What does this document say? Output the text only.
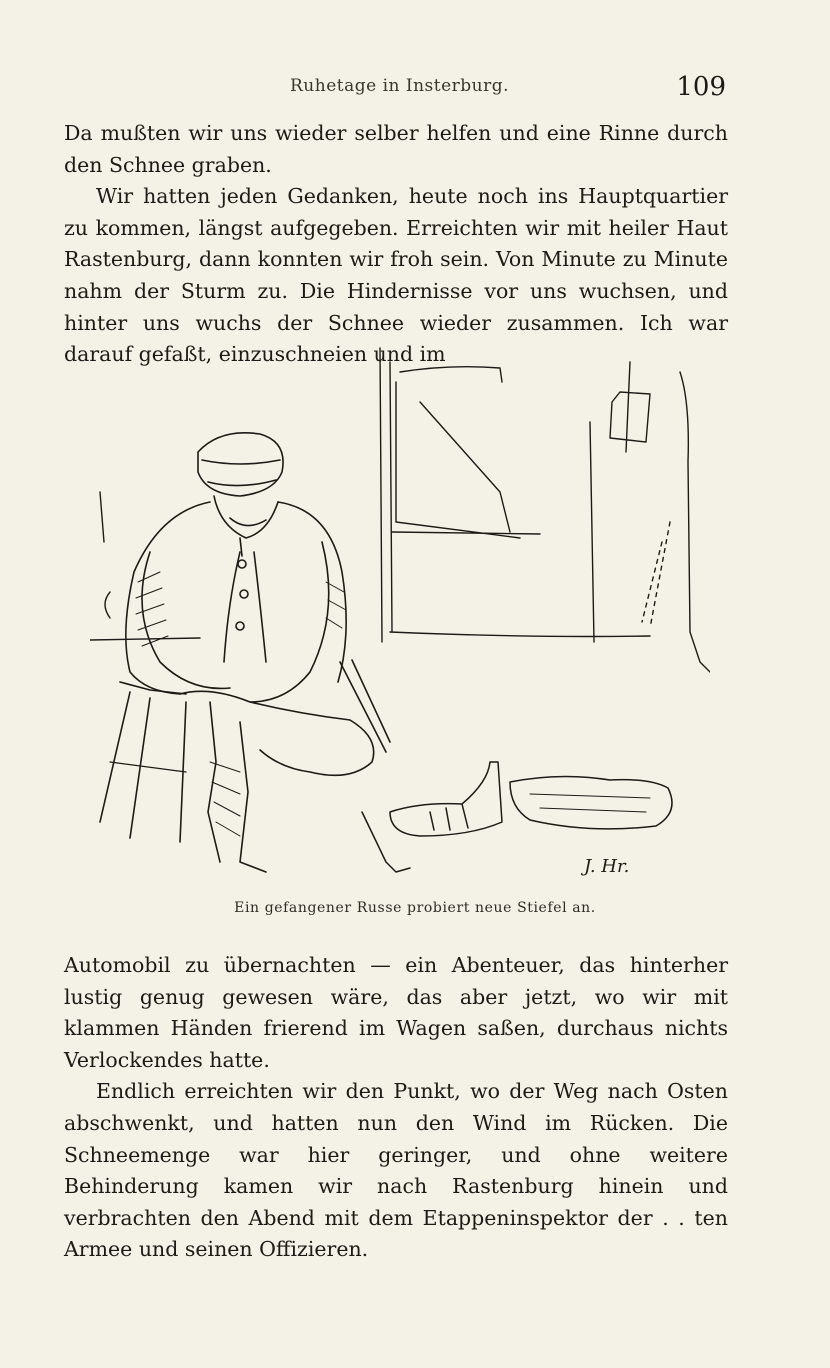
Ruhetage in Insterburg.	109

Da mußten wir uns wieder selber helfen und eine Rinne durch den Schnee graben.

Wir hatten jeden Gedanken, heute noch ins Hauptquartier zu kommen, längst aufgegeben. Erreichten wir mit heiler Haut Rastenburg, dann konnten wir froh sein. Von Minute zu Minute nahm der Sturm zu. Die Hindernisse vor uns wuchsen, und hinter uns wuchs der Schnee wieder zusammen. Ich war darauf gefaßt, einzuschneien und im

J. Hr.
Ein gefangener Russe probiert neue Stiefel an.

Automobil zu übernachten — ein Abenteuer, das hinterher lustig genug gewesen wäre, das aber jetzt, wo wir mit klammen Händen frierend im Wagen saßen, durchaus nichts Verlockendes hatte.

Endlich erreichten wir den Punkt, wo der Weg nach Osten abschwenkt, und hatten nun den Wind im Rücken. Die Schneemenge war hier geringer, und ohne weitere Behinderung kamen wir nach Rastenburg hinein und verbrachten den Abend mit dem Etappeninspektor der . . ten Armee und seinen Offizieren.
